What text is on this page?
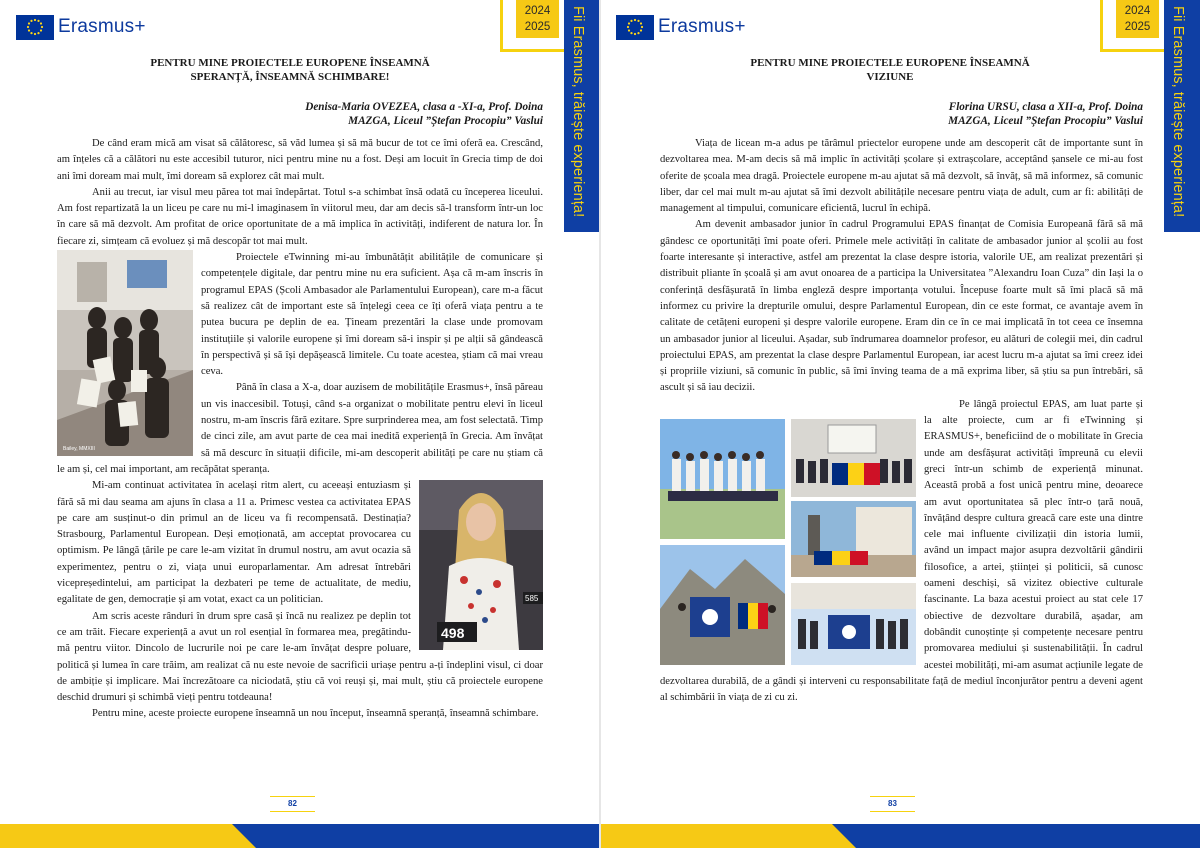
Erasmus+
2024
2025	Fii Erasmus, trăiește experiența!
PENTRU MINE PROIECTELE EUROPENE ÎNSEAMNĂ
SPERANȚĂ, ÎNSEAMNĂ SCHIMBARE!
Denisa-Maria OVEZEA, clasa a -XI-a, Prof. Doina
MAZGA, Liceul ”Ștefan Procopiu” Vaslui

De când eram mică am visat să călătoresc, să văd lumea și să mă bucur de tot ce îmi oferă ea. Crescând, am înțeles că a călători nu este accesibil tuturor, nici pentru mine nu a fost. Deși am locuit în Grecia timp de doi ani îmi doream mai mult, îmi doream să explorez cât mai mult.

Anii au trecut, iar visul meu părea tot mai îndepărtat. Totul s-a schimbat însă odată cu începerea liceului. Am fost repartizată la un liceu pe care nu mi-l imaginasem în viitorul meu, dar am decis să-l transform într-un loc în care să mă dezvolt. Am profitat de orice oportunitate de a mă implica în activități, indiferent de natura lor. În fiecare zi, simțeam că evoluez și mă descopăr tot mai mult.

Bailey, MMXIII

Proiectele eTwinning mi-au îmbunătățit abilitățile de comunicare și competențele digitale, dar pentru mine nu era suficient. Așa că m-am înscris în programul EPAS (Școli Ambasador ale Parlamentului European), care m-a făcut să realizez cât de important este să înțelegi ceea ce îți oferă viața pentru a te putea bucura pe deplin de ea. Țineam prezentări la clase unde promovam instituțiile și valorile europene și îmi doream să-i inspir și pe alții să gândească în perspectivă și să își depășească limitele. Cu toate acestea, știam că mai vreau ceva.

Până în clasa a X-a, doar auzisem de mobilitățile Erasmus+, însă păreau un vis inaccesibil. Totuși, când s-a organizat o mobilitate pentru elevi în liceul nostru, m-am înscris fără ezitare. Spre surprinderea mea, am fost selectată. Timp de cinci zile, am avut parte de cea mai inedită experiență în Grecia. Am învățat să mă descurc în situații dificile, mi-am descoperit abilități pe care nu știam că le am și, cel mai important, am recăpătat speranța.

498
585

Mi-am continuat activitatea în același ritm alert, cu aceeași entuziasm și fără să mi dau seama am ajuns în clasa a 11 a. Primesc vestea ca activitatea EPAS pe care am susținut-o din primul an de liceu va fi recompensată. Destinația? Strasbourg, Parlamentul European. Deși emoționată, am acceptat provocarea cu optimism. Pe lângă țările pe care le-am vizitat în drumul nostru, am avut ocazia să experimentez, pentru o zi, viața unui europarlamentar. Am adresat întrebări vicepreședintelui, am participat la dezbateri pe teme de actualitate, de mediu, egalitate de gen, democrație și am votat, exact ca un politician.

Am scris aceste rânduri în drum spre casă și încă nu realizez pe deplin tot ce am trăit. Fiecare experiență a avut un rol esențial în formarea mea, pregătindu-mă pentru viitor. Dincolo de lucrurile noi pe care le-am învățat despre poluare, politică și lumea în care trăim, am realizat că nu este nevoie de sacrificii uriașe pentru a-ți îndeplini visul, ci doar de ambiție și implicare. Mai încrezătoare ca niciodată, știu că voi reuși și, mai mult, știu că proiectele europene deschid drumuri și schimbă vieți pentru totdeauna!

Pentru mine, aceste proiecte europene înseamnă un nou început, înseamnă speranță, înseamnă schimbare.

82
Erasmus+
2024
2025	Fii Erasmus, trăiește experiența!
PENTRU MINE PROIECTELE EUROPENE ÎNSEAMNĂ
VIZIUNE
Florina URSU, clasa a XII-a, Prof. Doina
MAZGA, Liceul ”Ștefan Procopiu” Vaslui

Viața de licean m-a adus pe tărâmul priectelor europene unde am descoperit cât de importante sunt în dezvoltarea mea. M-am decis să mă implic în activități școlare și extrașcolare, acceptând șansele ce mi-au fost oferite de școala mea dragă. Proiectele europene m-au ajutat să mă dezvolt, să învăț, să mă informez, să comunic liber, dar cel mai mult m-au ajutat să îmi dezvolt abilitățile necesare pentru viața de adult, cum ar fi: abilități de management al timpului, comunicare eficientă, lucrul în echipă.

Am devenit ambasador junior în cadrul Programului EPAS finanțat de Comisia Europeană fără să mă gândesc ce oportunități îmi poate oferi. Primele mele activități în calitate de ambasador junior al școlii au fost foarte interesante și interactive, astfel am prezentat la clase despre istoria, valorile UE, am realizat prezentări și distribuit pliante în școală și am avut onoarea de a participa la Universitatea ”Alexandru Ioan Cuza” din Iași la o conferință desfășurată în limba engleză despre importanța votului. Începuse foarte mult să îmi placă să mă informez cu privire la drepturile omului, despre Parlamentul European, din ce este format, ce avantaje avem în calitate de cetățeni europeni și despre valorile europene. Eram din ce în ce mai implicată în tot ceea ce însemna un ambasador junior al liceului. Așadar, sub îndrumarea doamnelor profesor, eu alături de colegii mei, din cadrul proiectului EPAS, am prezentat la clase despre Parlamentul European, iar acest lucru m-a ajutat sa îmi creez idei și propriile viziuni, să comunic în public, să îmi înving teama de a mă exprima liber, să știu sa pun întrebări, să ascult și să iau decizii.

Pe lângă proiectul EPAS, am luat parte și la alte proiecte, cum ar fi eTwinning și ERASMUS+, beneficiind de o mobilitate în Grecia unde am desfășurat activități împreună cu elevii greci într-un schimb de experiență minunat. Această probă a fost unică pentru mine, deoarece am avut oportunitatea să plec într-o țară nouă, învățând despre cultura greacă care este una dintre cele mai influente civilizații din istoria lumii, având un impact major asupra dezvoltării gândirii filosofice, a artei, științei și politicii, să cunosc oameni deschiși, să vizitez obiective culturale fascinante. La baza acestui proiect au stat cele 17 obiective de dezvoltare durabilă, așadar, am dobândit cunoștințe și competențe necesare pentru promovarea mediului și sustenabilității. În cadrul acestei mobilități, mi-am asumat acțiunile legate de dezvoltarea durabilă, de a gândi și interveni cu responsabilitate față de mediul înconjurător pentru a deveni agent al schimbării în viața de zi cu zi.

83
